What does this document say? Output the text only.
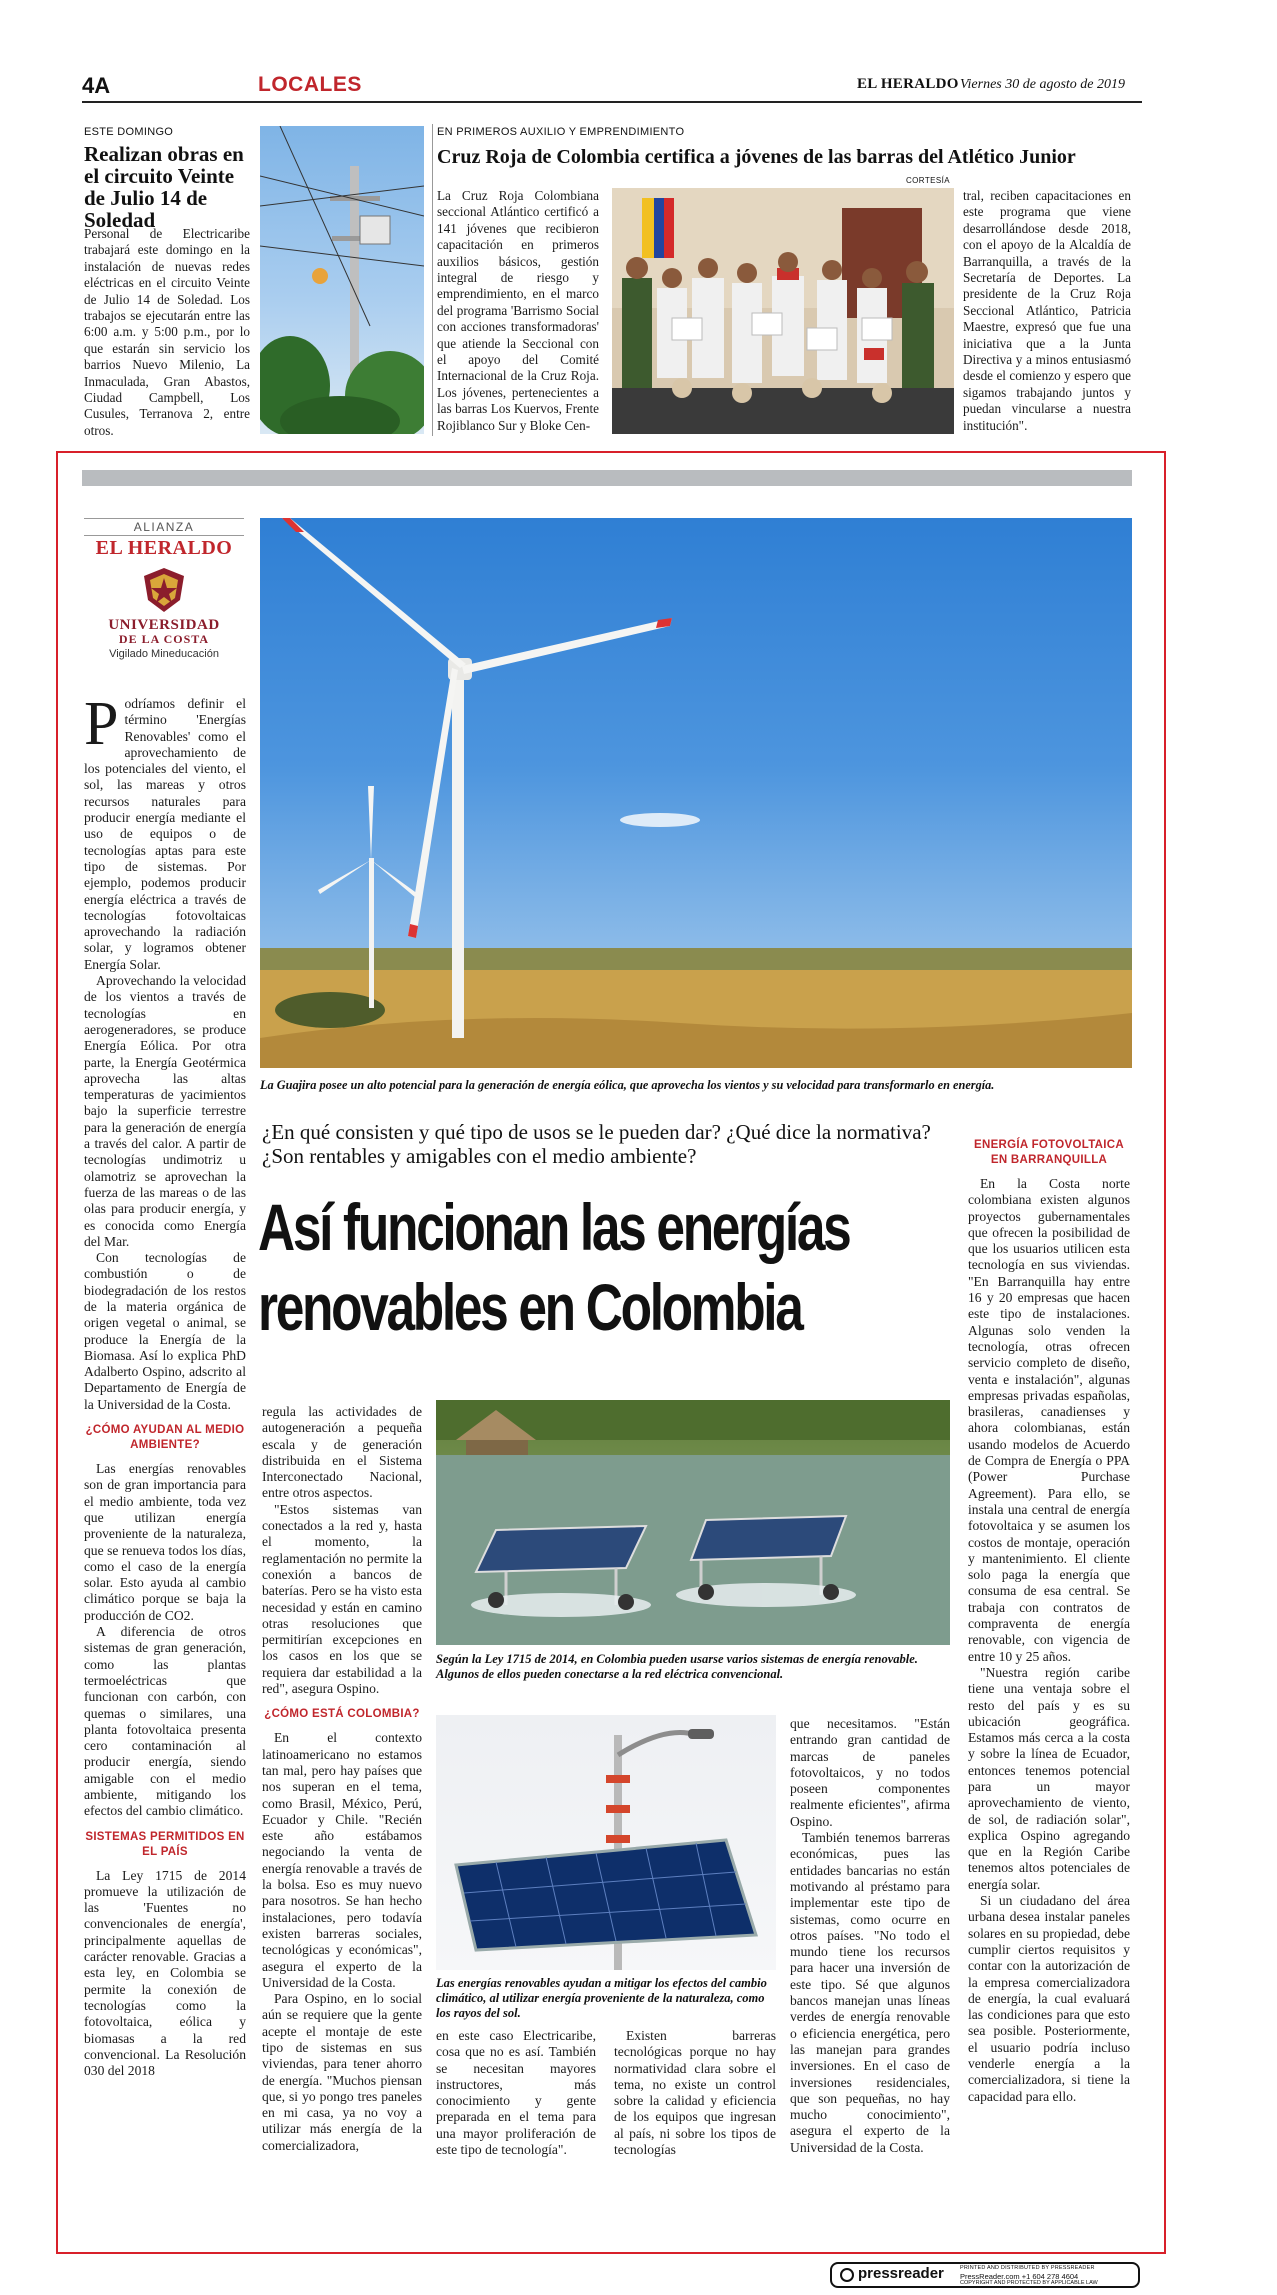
4A	LOCALES	EL HERALDO Viernes 30 de agosto de 2019
ESTE DOMINGO
Realizan obras en el circuito Veinte de Julio 14 de Soledad
Personal de Electricaribe trabajará este domingo en la instalación de nuevas redes eléctricas en el circuito Veinte de Julio 14 de Soledad. Los trabajos se ejecutarán entre las 6:00 a.m. y 5:00 p.m., por lo que estarán sin servicio los barrios Nuevo Milenio, La Inmaculada, Gran Abastos, Ciudad Campbell, Los Cusules, Terranova 2, entre otros.
EN PRIMEROS AUXILIO Y EMPRENDIMIENTO
Cruz Roja de Colombia certifica a jóvenes de las barras del Atlético Junior
CORTESÍA
La Cruz Roja Colombiana seccional Atlántico certificó a 141 jóvenes que recibieron capacitación en primeros auxilios básicos, gestión integral de riesgo y emprendimiento, en el marco del programa 'Barrismo Social con acciones transformadoras' que atiende la Seccional con el apoyo del Comité Internacional de la Cruz Roja. Los jóvenes, pertenecientes a las barras Los Kuervos, Frente Rojiblanco Sur y Bloke Cen-
tral, reciben capacitaciones en este programa que viene desarrollándose desde 2018, con el apoyo de la Alcaldía de Barranquilla, a través de la Secretaría de Deportes. La presidente de la Cruz Roja Seccional Atlántico, Patricia Maestre, expresó que fue una iniciativa que a la Junta Directiva y a minos entusiasmó desde el comienzo y espero que sigamos trabajando juntos y puedan vincularse a nuestra institución".
ALIANZA
EL HERALDO
UNIVERSIDAD
DE LA COSTA
Vigilado Mineducación
La Guajira posee un alto potencial para la generación de energía eólica, que aprovecha los vientos y su velocidad para transformarlo en energía.

Podríamos definir el término 'Energías Renovables' como el aprovechamiento de los potenciales del viento, el sol, las mareas y otros recursos naturales para producir energía mediante el uso de equipos o de tecnologías aptas para este tipo de sistemas. Por ejemplo, podemos producir energía eléctrica a través de tecnologías fotovoltaicas aprovechando la radiación solar, y logramos obtener Energía Solar.

Aprovechando la velocidad de los vientos a través de tecnologías en aerogeneradores, se produce Energía Eólica. Por otra parte, la Energía Geotérmica aprovecha las altas temperaturas de yacimientos bajo la superficie terrestre para la generación de energía a través del calor. A partir de tecnologías undimotriz u olamotriz se aprovechan la fuerza de las mareas o de las olas para producir energía, y es conocida como Energía del Mar.

Con tecnologías de combustión o de biodegradación de los restos de la materia orgánica de origen vegetal o animal, se produce la Energía de la Biomasa. Así lo explica PhD Adalberto Ospino, adscrito al Departamento de Energía de la Universidad de la Costa.

¿CÓMO AYUDAN AL MEDIO AMBIENTE?

Las energías renovables son de gran importancia para el medio ambiente, toda vez que utilizan energía proveniente de la naturaleza, que se renueva todos los días, como el caso de la energía solar. Esto ayuda al cambio climático porque se baja la producción de CO2.

A diferencia de otros sistemas de gran generación, como las plantas termoeléctricas que funcionan con carbón, con quemas o similares, una planta fotovoltaica presenta cero contaminación al producir energía, siendo amigable con el medio ambiente, mitigando los efectos del cambio climático.

SISTEMAS PERMITIDOS EN EL PAÍS

La Ley 1715 de 2014 promueve la utilización de las 'Fuentes no convencionales de energía', principalmente aquellas de carácter renovable. Gracias a esta ley, en Colombia se permite la conexión de tecnologías como la fotovoltaica, eólica y biomasas a la red convencional. La Resolución 030 del 2018

¿En qué consisten y qué tipo de usos se le pueden dar? ¿Qué dice la normativa? ¿Son rentables y amigables con el medio ambiente?
Así funcionan las energías
renovables en Colombia

regula las actividades de autogeneración a pequeña escala y de generación distribuida en el Sistema Interconectado Nacional, entre otros aspectos.

"Estos sistemas van conectados a la red y, hasta el momento, la reglamentación no permite la conexión a bancos de baterías. Pero se ha visto esta necesidad y están en camino otras resoluciones que permitirían excepciones en los casos en los que se requiera dar estabilidad a la red", asegura Ospino.

¿CÓMO ESTÁ COLOMBIA?

En el contexto latinoamericano no estamos tan mal, pero hay países que nos superan en el tema, como Brasil, México, Perú, Ecuador y Chile. "Recién este año estábamos negociando la venta de energía renovable a través de la bolsa. Eso es muy nuevo para nosotros. Se han hecho instalaciones, pero todavía existen barreras sociales, tecnológicas y económicas", asegura el experto de la Universidad de la Costa.

Para Ospino, en lo social aún se requiere que la gente acepte el montaje de este tipo de sistemas en sus viviendas, para tener ahorro de energía. "Muchos piensan que, si yo pongo tres paneles en mi casa, ya no voy a utilizar más energía de la comercializadora,

Según la Ley 1715 de 2014, en Colombia pueden usarse varios sistemas de energía renovable. Algunos de ellos pueden conectarse a la red eléctrica convencional.
Las energías renovables ayudan a mitigar los efectos del cambio climático, al utilizar energía proveniente de la naturaleza, como los rayos del sol.

en este caso Electricaribe, cosa que no es así. También se necesitan mayores instructores, más conocimiento y gente preparada en el tema para una mayor proliferación de este tipo de tecnología".

Existen barreras tecnológicas porque no hay normatividad clara sobre el tema, no existe un control sobre la calidad y eficiencia de los equipos que ingresan al país, ni sobre los tipos de tecnologías

que necesitamos. "Están entrando gran cantidad de marcas de paneles fotovoltaicos, y no todos poseen componentes realmente eficientes", afirma Ospino.

También tenemos barreras económicas, pues las entidades bancarias no están motivando al préstamo para implementar este tipo de sistemas, como ocurre en otros países. "No todo el mundo tiene los recursos para hacer una inversión de este tipo. Sé que algunos bancos manejan unas líneas verdes de energía renovable o eficiencia energética, pero las manejan para grandes inversiones. En el caso de inversiones residenciales, que son pequeñas, no hay mucho conocimiento", asegura el experto de la Universidad de la Costa.

ENERGÍA FOTOVOLTAICA EN BARRANQUILLA

En la Costa norte colombiana existen algunos proyectos gubernamentales que ofrecen la posibilidad de que los usuarios utilicen esta tecnología en sus viviendas. "En Barranquilla hay entre 16 y 20 empresas que hacen este tipo de instalaciones. Algunas solo venden la tecnología, otras ofrecen servicio completo de diseño, venta e instalación", algunas empresas privadas españolas, brasileras, canadienses y ahora colombianas, están usando modelos de Acuerdo de Compra de Energía o PPA (Power Purchase Agreement). Para ello, se instala una central de energía fotovoltaica y se asumen los costos de montaje, operación y mantenimiento. El cliente solo paga la energía que consuma de esa central. Se trabaja con contratos de compraventa de energía renovable, con vigencia de entre 10 y 25 años.

"Nuestra región caribe tiene una ventaja sobre el resto del país y es su ubicación geográfica. Estamos más cerca a la costa y sobre la línea de Ecuador, entonces tenemos potencial para un mayor aprovechamiento de viento, de sol, de radiación solar", explica Ospino agregando que en la Región Caribe tenemos altos potenciales de energía solar.

Si un ciudadano del área urbana desea instalar paneles solares en su propiedad, debe cumplir ciertos requisitos y contar con la autorización de la empresa comercializadora de energía, la cual evaluará las condiciones para que esto sea posible. Posteriormente, el usuario podría incluso venderle energía a la comercializadora, si tiene la capacidad para ello.

pressreader	PRINTED AND DISTRIBUTED BY PRESSREADER
PressReader.com +1 604 278 4604
COPYRIGHT AND PROTECTED BY APPLICABLE LAW
